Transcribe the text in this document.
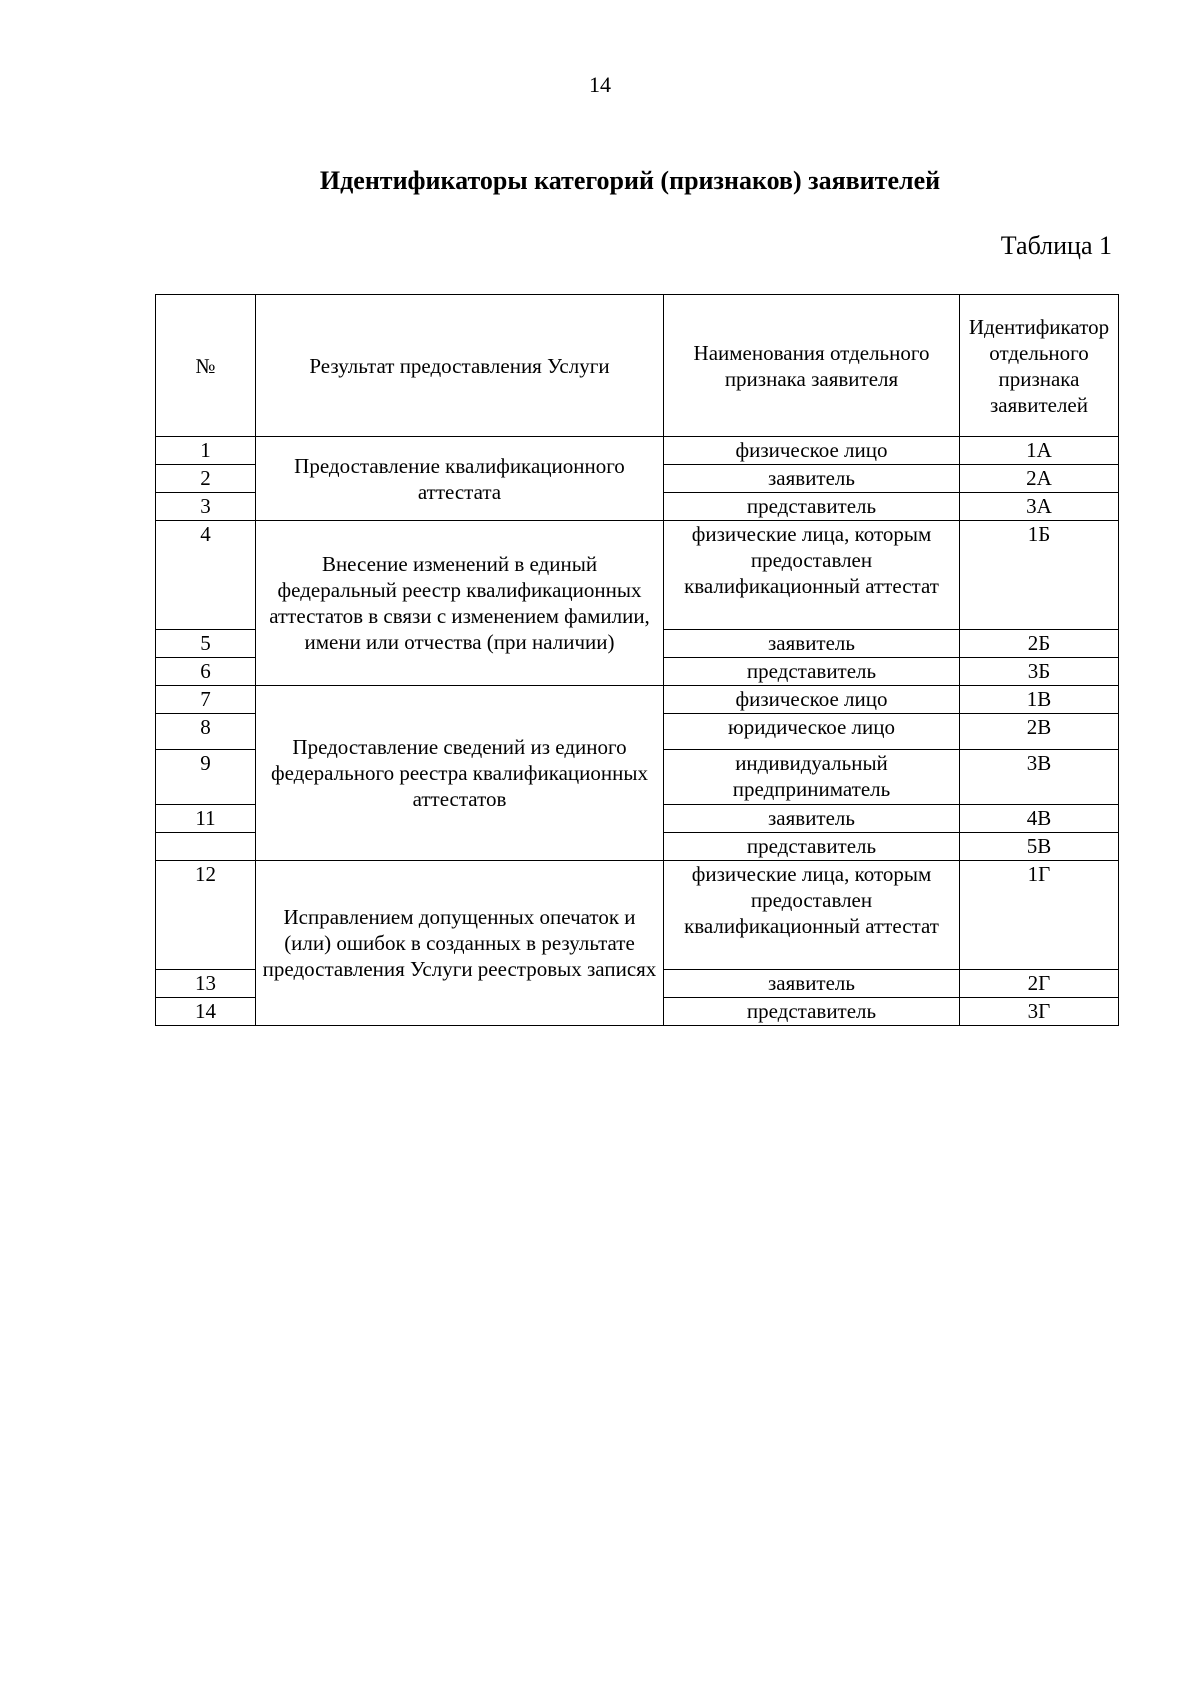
14
Идентификаторы категорий (признаков) заявителей
Таблица 1
№	Результат предоставления Услуги	Наименования отдельного признака заявителя	Идентификатор отдельного признака заявителей
1	Предоставление квалификационного аттестата	физическое лицо	1А
2		заявитель	2А
3		представитель	3А
4	Внесение изменений в единый федеральный реестр квалификационных аттестатов в связи с изменением фамилии, имени или отчества (при наличии)	физические лица, которым предоставлен квалификационный аттестат	1Б
5		заявитель	2Б
6		представитель	3Б
7	Предоставление сведений из единого федерального реестра квалификационных аттестатов	физическое лицо	1В
8		юридическое лицо	2В
9		индивидуальный предприниматель	3В
11		заявитель	4В
		представитель	5В
12	Исправлением допущенных опечаток и (или) ошибок в созданных в результате предоставления Услуги реестровых записях	физические лица, которым предоставлен квалификационный аттестат	1Г
13		заявитель	2Г
14		представитель	3Г
